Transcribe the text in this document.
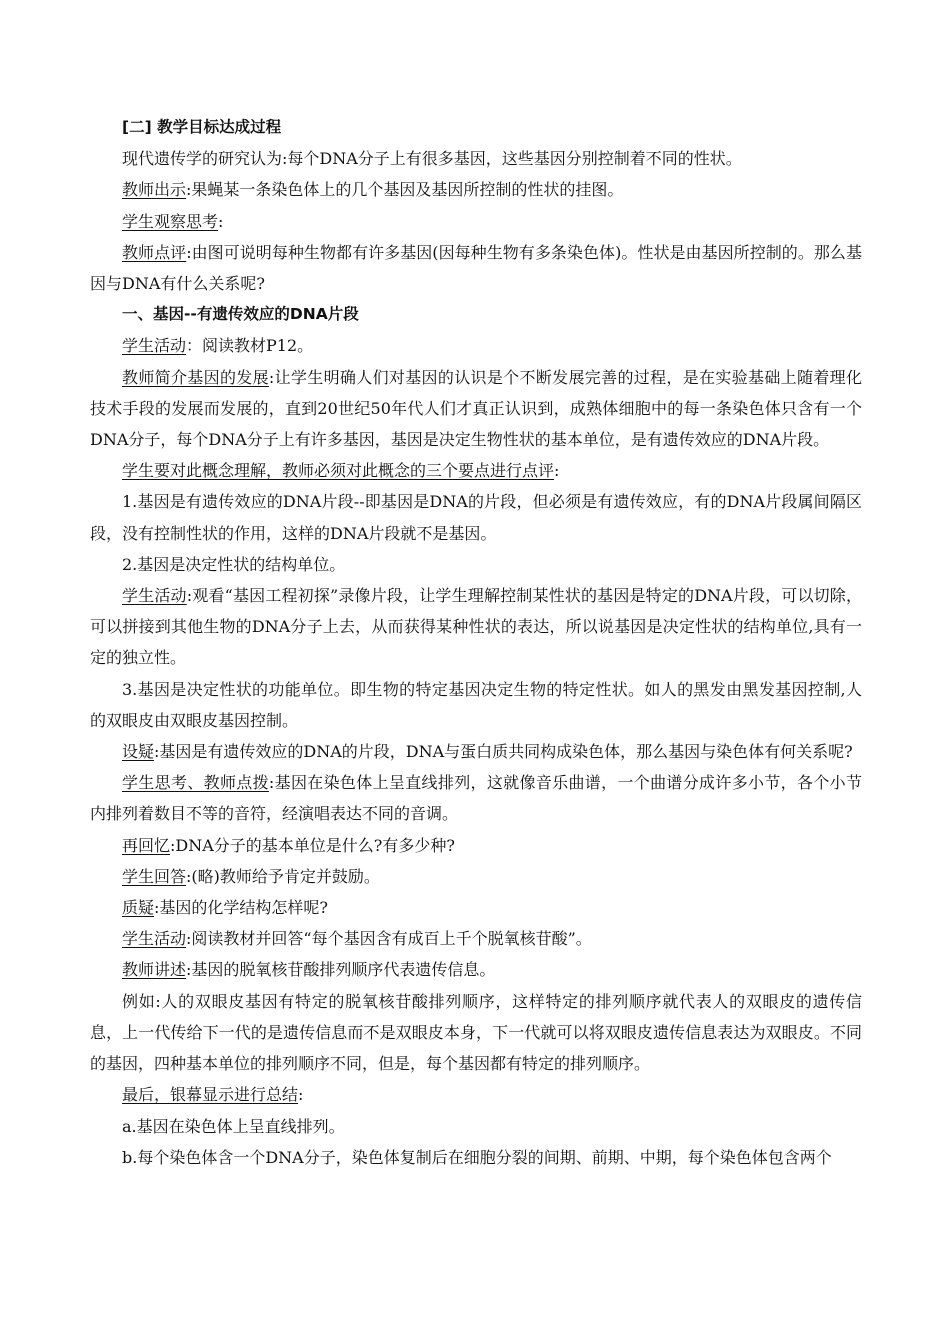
[二] 教学目标达成过程

现代遗传学的研究认为:每个DNA分子上有很多基因，这些基因分别控制着不同的性状。

教师出示:果蝇某一条染色体上的几个基因及基因所控制的性状的挂图。

学生观察思考:

教师点评:由图可说明每种生物都有许多基因(因每种生物有多条染色体)。性状是由基因所控制的。那么基因与DNA有什么关系呢?

一、基因--有遗传效应的DNA片段

学生活动：阅读教材P12。

教师简介基因的发展:让学生明确人们对基因的认识是个不断发展完善的过程，是在实验基础上随着理化技术手段的发展而发展的，直到20世纪50年代人们才真正认识到，成熟体细胞中的每一条染色体只含有一个DNA分子，每个DNA分子上有许多基因，基因是决定生物性状的基本单位，是有遗传效应的DNA片段。

学生要对此概念理解，教师必须对此概念的三个要点进行点评:

1.基因是有遗传效应的DNA片段--即基因是DNA的片段，但必须是有遗传效应，有的DNA片段属间隔区段，没有控制性状的作用，这样的DNA片段就不是基因。

2.基因是决定性状的结构单位。

学生活动:观看“基因工程初探”录像片段，让学生理解控制某性状的基因是特定的DNA片段，可以切除，可以拼接到其他生物的DNA分子上去，从而获得某种性状的表达，所以说基因是决定性状的结构单位,具有一定的独立性。

3.基因是决定性状的功能单位。即生物的特定基因决定生物的特定性状。如人的黑发由黑发基因控制,人的双眼皮由双眼皮基因控制。

设疑:基因是有遗传效应的DNA的片段，DNA与蛋白质共同构成染色体，那么基因与染色体有何关系呢?

学生思考、教师点拨:基因在染色体上呈直线排列，这就像音乐曲谱，一个曲谱分成许多小节，各个小节内排列着数目不等的音符，经演唱表达不同的音调。

再回忆:DNA分子的基本单位是什么?有多少种?

学生回答:(略)教师给予肯定并鼓励。

质疑:基因的化学结构怎样呢?

学生活动:阅读教材并回答“每个基因含有成百上千个脱氧核苷酸”。

教师讲述:基因的脱氧核苷酸排列顺序代表遗传信息。

例如:人的双眼皮基因有特定的脱氧核苷酸排列顺序，这样特定的排列顺序就代表人的双眼皮的遗传信息，上一代传给下一代的是遗传信息而不是双眼皮本身，下一代就可以将双眼皮遗传信息表达为双眼皮。不同的基因，四种基本单位的排列顺序不同，但是，每个基因都有特定的排列顺序。

最后，银幕显示进行总结:

a.基因在染色体上呈直线排列。

b.每个染色体含一个DNA分子，染色体复制后在细胞分裂的间期、前期、中期，每个染色体包含两个
